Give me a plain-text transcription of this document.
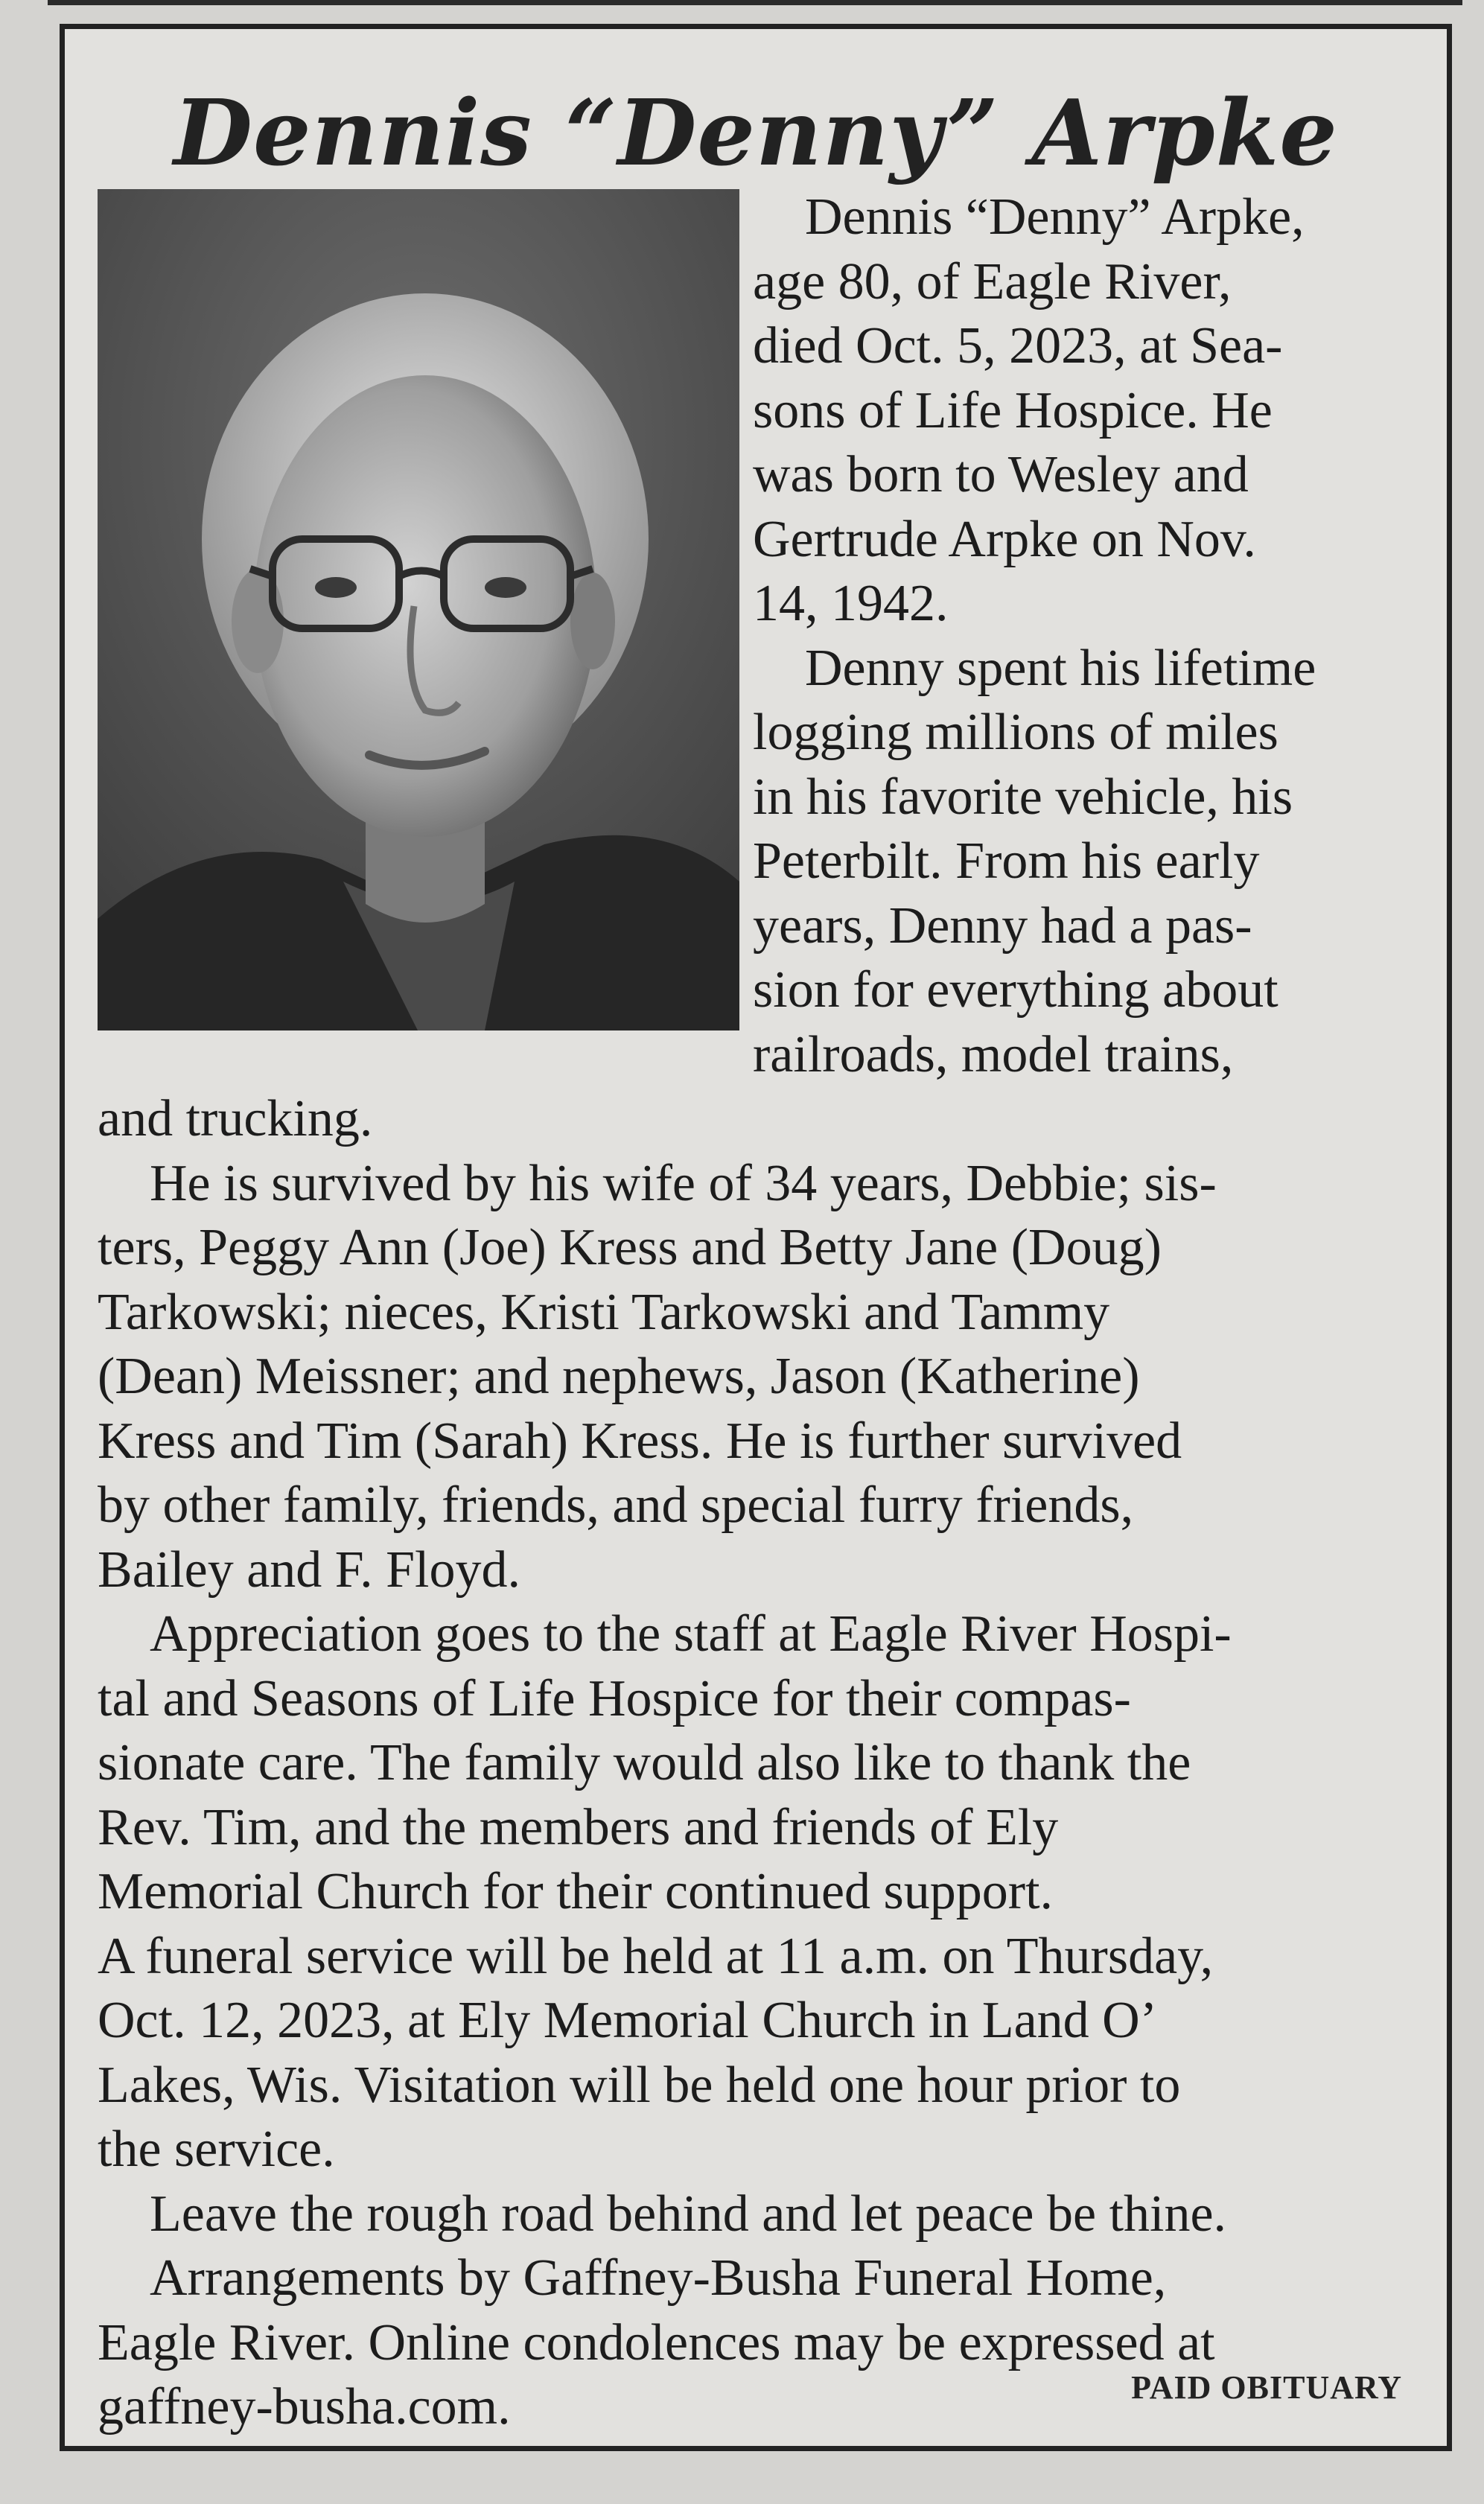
Dennis “Denny” Arpke
Dennis “Denny” Arpke,
age 80, of Eagle River,
died Oct. 5, 2023, at Sea-
sons of Life Hospice. He
was born to Wesley and
Gertrude Arpke on Nov.
14, 1942.
Denny spent his lifetime
logging millions of miles
in his favorite vehicle, his
Peterbilt. From his early
years, Denny had a pas-
sion for everything about
railroads, model trains,
and trucking.
He is survived by his wife of 34 years, Debbie; sis-
ters, Peggy Ann (Joe) Kress and Betty Jane (Doug)
Tarkowski; nieces, Kristi Tarkowski and Tammy
(Dean) Meissner; and nephews, Jason (Katherine)
Kress and Tim (Sarah) Kress. He is further survived
by other family, friends, and special furry friends,
Bailey and F. Floyd.
Appreciation goes to the staff at Eagle River Hospi-
tal and Seasons of Life Hospice for their compas-
sionate care. The family would also like to thank the
Rev. Tim, and the members and friends of Ely
Memorial Church for their continued support.
A funeral service will be held at 11 a.m. on Thursday,
Oct. 12, 2023, at Ely Memorial Church in Land O’
Lakes, Wis. Visitation will be held one hour prior to
the service.
Leave the rough road behind and let peace be thine.
Arrangements by Gaffney-Busha Funeral Home,
Eagle River. Online condolences may be expressed at
gaffney-busha.com.	PAID OBITUARY
